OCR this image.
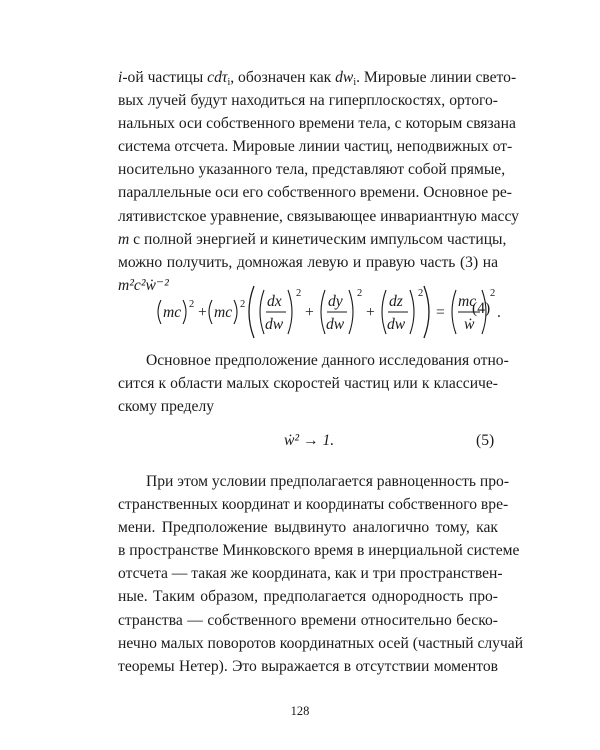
i-ой частицы cdτ$_i$, обозначен как $dw_i$. Мировые линии свето-
вых лучей будут находиться на гиперплоскостях, ортого-
нальных оси собственного времени тела, с которым связана
система отсчета. Мировые линии частиц, неподвижных от-
носительно указанного тела, представляют собой прямые,
параллельные оси его собственного времени. Основное ре-
лятивистское уравнение, связывающее инвариантную массу
m с полной энергией и кинетическим импульсом частицы,
можно получить, домножая левую и правую часть (3) на
m²c²ẇ⁻²
mc 2 + mc 2 dx
dw
2
+
dy
dw
2
+
dz
dw
2
=
mc
ẇ
2
.
(4)
Основное предположение данного исследования отно-
сится к области малых скоростей частиц или к классиче-
скому пределу
ẇ² → 1.	(5)
При этом условии предполагается равноценность про-
странственных координат и координаты собственного вре-
мени. Предположение выдвинуто аналогично тому, как
в пространстве Минковского время в инерциальной системе
отсчета — такая же координата, как и три пространствен-
ные. Таким образом, предполагается однородность про-
странства — собственного времени относительно беско-
нечно малых поворотов координатных осей (частный случай
теоремы Нетер). Это выражается в отсутствии моментов
128
